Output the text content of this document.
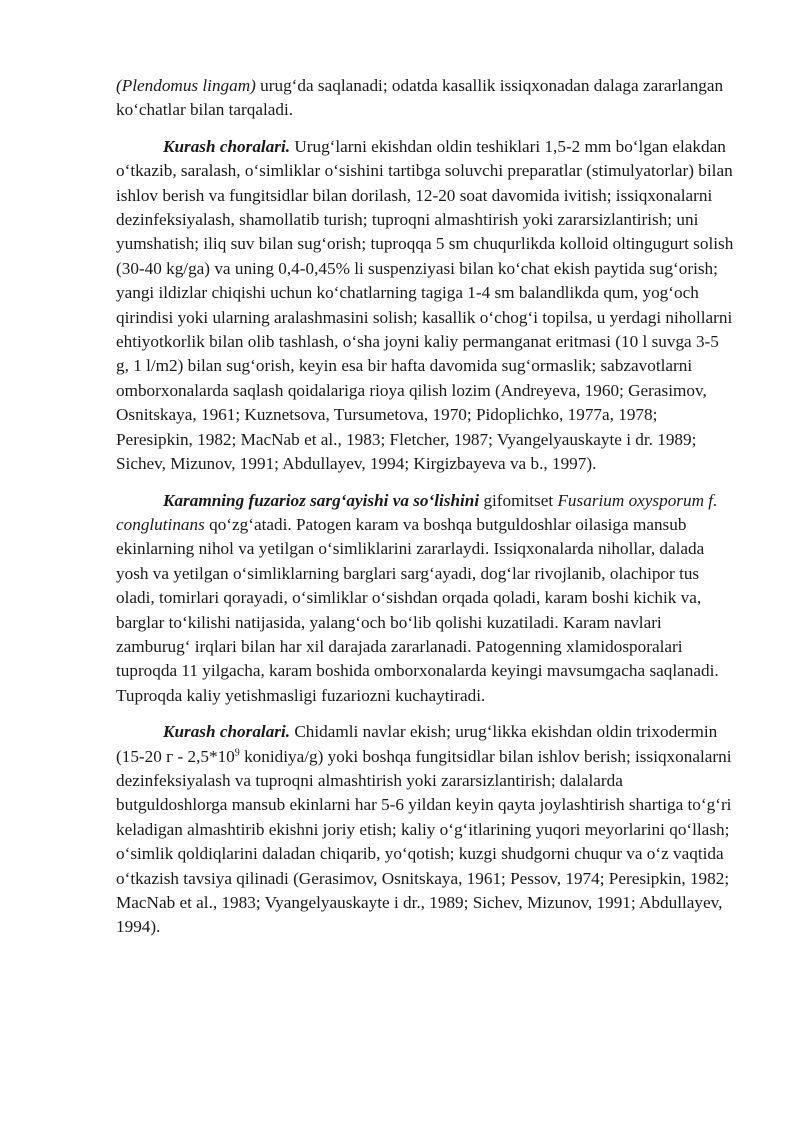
(Plendomus lingam) urug‘da saqlanadi; odatda kasallik issiqxonadan dalaga zararlangan ko‘chatlar bilan tarqaladi.

Kurash choralari. Urug‘larni ekishdan oldin teshiklari 1,5-2 mm bo‘lgan elakdan o‘tkazib, saralash, o‘simliklar o‘sishini tartibga soluvchi preparatlar (stimulyatorlar) bilan ishlov berish va fungitsidlar bilan dorilash, 12-20 soat davomida ivitish; issiqxonalarni dezinfeksiyalash, shamollatib turish; tuproqni almashtirish yoki zararsizlantirish; uni yumshatish; iliq suv bilan sug‘orish; tuproqqa 5 sm chuqurlikda kolloid oltingugurt solish (30-40 kg/ga) va uning 0,4-0,45% li suspenziyasi bilan ko‘chat ekish paytida sug‘orish; yangi ildizlar chiqishi uchun ko‘chatlarning tagiga 1-4 sm balandlikda qum, yog‘och qirindisi yoki ularning aralashmasini solish; kasallik o‘chog‘i topilsa, u yerdagi nihollarni ehtiyotkorlik bilan olib tashlash, o‘sha joyni kaliy permanganat eritmasi (10 l suvga 3-5 g, 1 l/m2) bilan sug‘orish, keyin esa bir hafta davomida sug‘ormaslik; sabzavotlarni omborxonalarda saqlash qoidalariga rioya qilish lozim (Andreyeva, 1960; Gerasimov, Osnitskaya, 1961; Kuznetsova, Tursumetova, 1970; Pidoplichko, 1977a, 1978; Peresipkin, 1982; MacNab et al., 1983; Fletcher, 1987; Vyangelyauskayte i dr. 1989; Sichev, Mizunov, 1991; Abdullayev, 1994; Kirgizbayeva va b., 1997).

Karamning fuzarioz sarg‘ayishi va so‘lishini gifomitset Fusarium oxysporum f. conglutinans qo‘zg‘atadi. Patogen karam va boshqa butguldoshlar oilasiga mansub ekinlarning nihol va yetilgan o‘simliklarini zararlaydi. Issiqxonalarda nihollar, dalada yosh va yetilgan o‘simliklarning barglari sarg‘ayadi, dog‘lar rivojlanib, olachipor tus oladi, tomirlari qorayadi, o‘simliklar o‘sishdan orqada qoladi, karam boshi kichik va, barglar to‘kilishi natijasida, yalang‘och bo‘lib qolishi kuzatiladi. Karam navlari zamburug‘ irqlari bilan har xil darajada zararlanadi. Patogenning xlamidosporalari tuproqda 11 yilgacha, karam boshida omborxonalarda keyingi mavsumgacha saqlanadi. Tuproqda kaliy yetishmasligi fuzariozni kuchaytiradi.

Kurash choralari. Chidamli navlar ekish; urug‘likka ekishdan oldin trixodermin (15-20 г - $2,5*10^9$ konidiya/g) yoki boshqa fungitsidlar bilan ishlov berish; issiqxonalarni dezinfeksiyalash va tuproqni almashtirish yoki zararsizlantirish; dalalarda butguldoshlorga mansub ekinlarni har 5-6 yildan keyin qayta joylashtirish shartiga to‘g‘ri keladigan almashtirib ekishni joriy etish; kaliy o‘g‘itlarining yuqori meyorlarini qo‘llash; o‘simlik qoldiqlarini daladan chiqarib, yo‘qotish; kuzgi shudgorni chuqur va o‘z vaqtida o‘tkazish tavsiya qilinadi (Gerasimov, Osnitskaya, 1961; Pessov, 1974; Peresipkin, 1982; MacNab et al., 1983; Vyangelyauskayte i dr., 1989; Sichev, Mizunov, 1991; Abdullayev, 1994).
